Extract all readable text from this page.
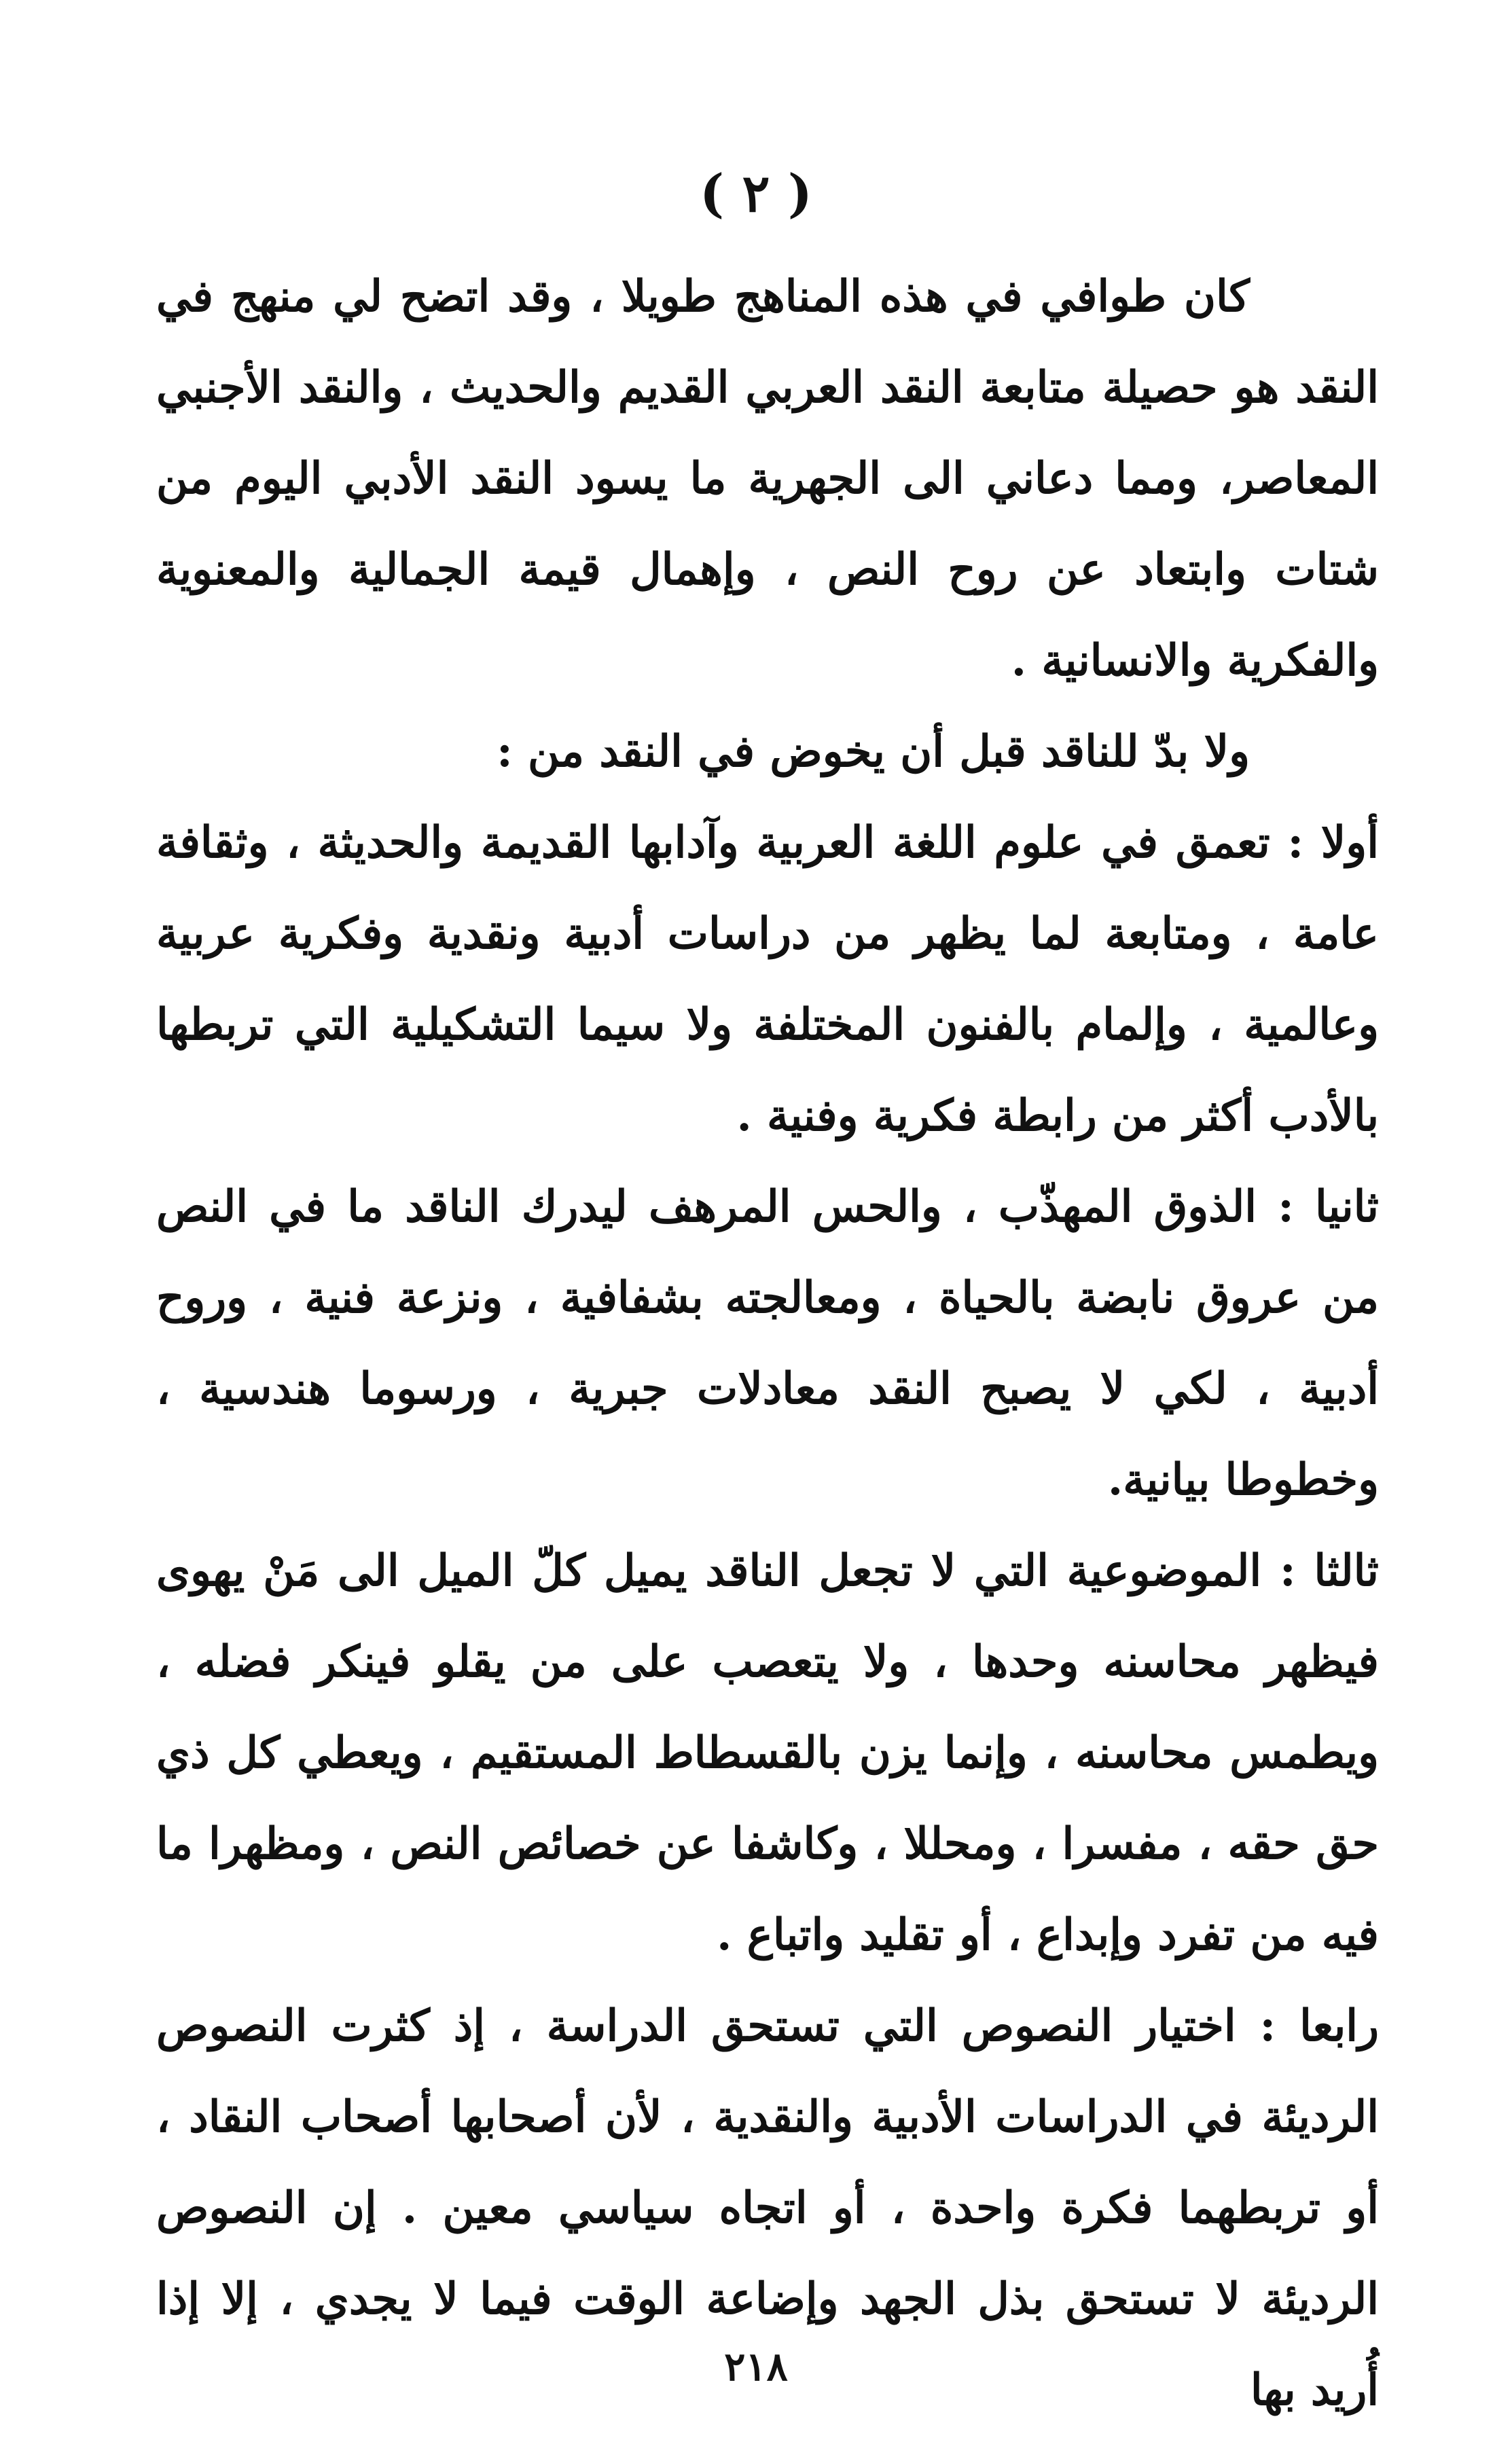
( ٢ )

كان طوافي في هذه المناهج طويلا ، وقد اتضح لي منهج في النقد هو حصيلة متابعة النقد العربي القديم والحديث ، والنقد الأجنبي المعاصر، ومما دعاني الى الجهرية ما يسود النقد الأدبي اليوم من شتات وابتعاد عن روح النص ، وإهمال قيمة الجمالية والمعنوية والفكرية والانسانية .

ولا بدّ للناقد قبل أن يخوض في النقد من :

أولا : تعمق في علوم اللغة العربية وآدابها القديمة والحديثة ، وثقافة عامة ، ومتابعة لما يظهر من دراسات أدبية ونقدية وفكرية عربية وعالمية ، وإلمام بالفنون المختلفة ولا سيما التشكيلية التي تربطها بالأدب أكثر من رابطة فكرية وفنية .

ثانيا : الذوق المهذّب ، والحس المرهف ليدرك الناقد ما في النص من عروق نابضة بالحياة ، ومعالجته بشفافية ، ونزعة فنية ، وروح أدبية ، لكي لا يصبح النقد معادلات جبرية ، ورسوما هندسية ، وخطوطا بيانية.

ثالثا : الموضوعية التي لا تجعل الناقد يميل كلّ الميل الى مَنْ يهوى فيظهر محاسنه وحدها ، ولا يتعصب على من يقلو فينكر فضله ، ويطمس محاسنه ، وإنما يزن بالقسطاط المستقيم ، ويعطي كل ذي حق حقه ، مفسرا ، ومحللا ، وكاشفا عن خصائص النص ، ومظهرا ما فيه من تفرد وإبداع ، أو تقليد واتباع .

رابعا : اختيار النصوص التي تستحق الدراسة ، إذ كثرت النصوص الرديئة في الدراسات الأدبية والنقدية ، لأن أصحابها أصحاب النقاد ، أو تربطهما فكرة واحدة ، أو اتجاه سياسي معين . إن النصوص الرديئة لا تستحق بذل الجهد وإضاعة الوقت فيما لا يجدي ، إلا إذا أُريد بها

٢١٨
